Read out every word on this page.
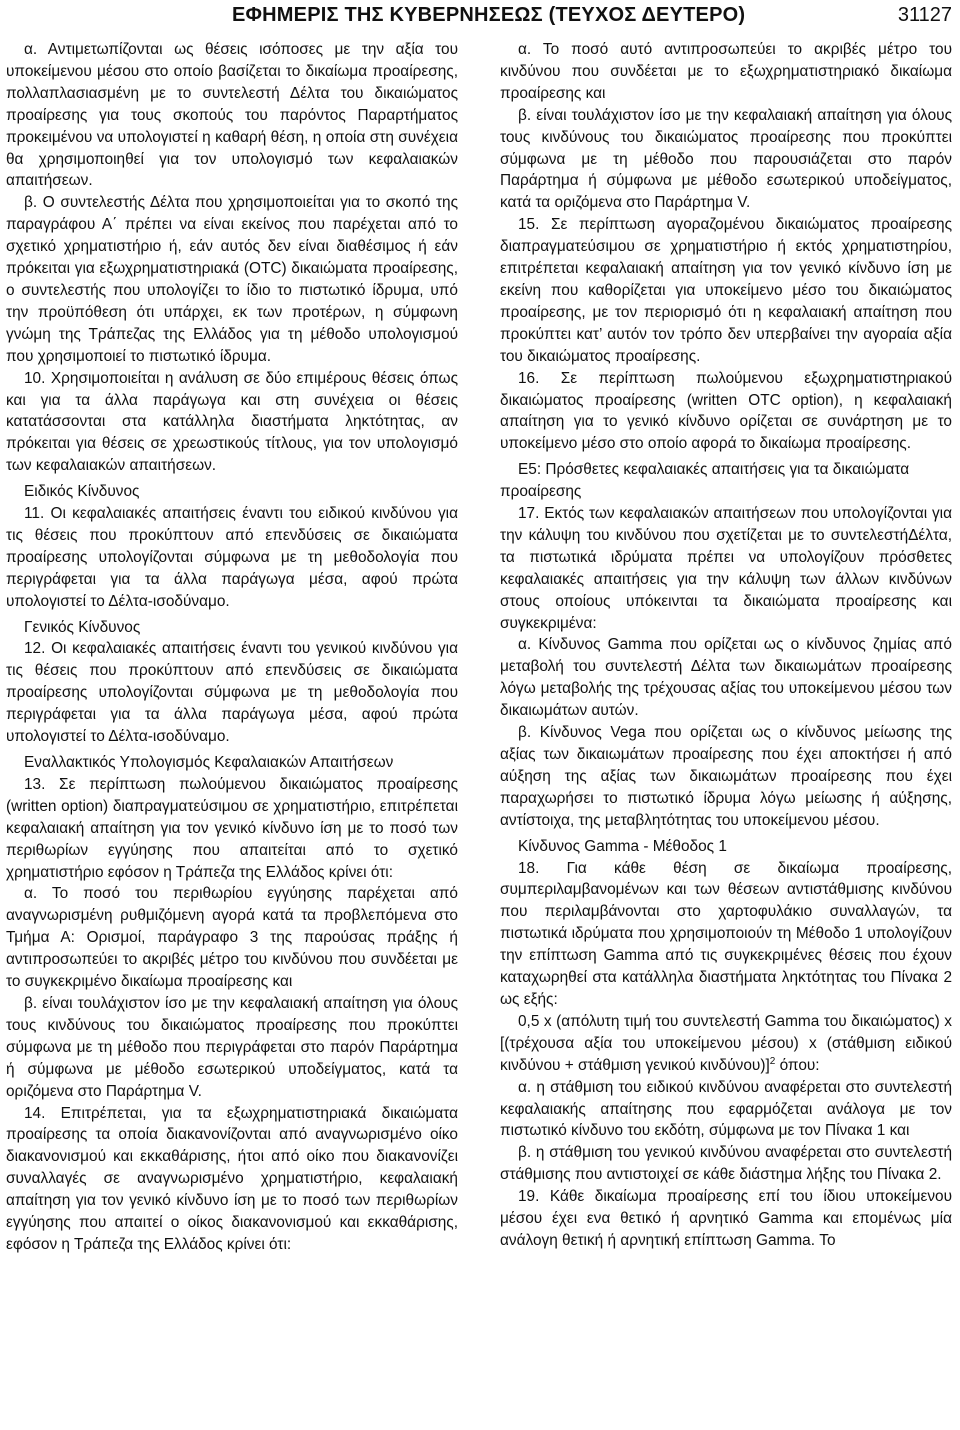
ΕΦΗΜΕΡΙΣ ΤΗΣ ΚΥΒΕΡΝΗΣΕΩΣ (ΤΕΥΧΟΣ ΔΕΥΤΕΡΟ)	31127

α. Αντιμετωπίζονται ως θέσεις ισόποσες με την αξία του υποκείμενου μέσου στο οποίο βασίζεται το δικαίωμα προαίρεσης, πολλαπλασιασμένη με το συντελεστή Δέλτα του δικαιώματος προαίρεσης για τους σκοπούς του παρόντος Παραρτήματος προκειμένου να υπολογιστεί η καθαρή θέση, η οποία στη συνέχεια θα χρησιμοποιηθεί για τον υπολογισμό των κεφαλαιακών απαιτήσεων.

β. Ο συντελεστής Δέλτα που χρησιμοποιείται για το σκοπό της παραγράφου Α΄ πρέπει να είναι εκείνος που παρέχεται από το σχετικό χρηματιστήριο ή, εάν αυτός δεν είναι διαθέσιμος ή εάν πρόκειται για εξωχρηματιστηριακά (OTC) δικαιώματα προαίρεσης, ο συντελεστής που υπολογίζει το ίδιο το πιστωτικό ίδρυμα, υπό την προϋπόθεση ότι υπάρχει, εκ των προτέρων, η σύμφωνη γνώμη της Τράπεζας της Ελλάδος για τη μέθοδο υπολογισμού που χρησιμοποιεί το πιστωτικό ίδρυμα.

10. Χρησιμοποιείται η ανάλυση σε δύο επιμέρους θέσεις όπως και για τα άλλα παράγωγα και στη συνέχεια οι θέσεις κατατάσσονται στα κατάλληλα διαστήματα ληκτότητας, αν πρόκειται για θέσεις σε χρεωστικούς τίτλους, για τον υπολογισμό των κεφαλαιακών απαιτήσεων.

Ειδικός Κίνδυνος

11. Οι κεφαλαιακές απαιτήσεις έναντι του ειδικού κινδύνου για τις θέσεις που προκύπτουν από επενδύσεις σε δικαιώματα προαίρεσης υπολογίζονται σύμφωνα με τη μεθοδολογία που περιγράφεται για τα άλλα παράγωγα μέσα, αφού πρώτα υπολογιστεί το Δέλτα-ισοδύναμο.

Γενικός Κίνδυνος

12. Οι κεφαλαιακές απαιτήσεις έναντι του γενικού κινδύνου για τις θέσεις που προκύπτουν από επενδύσεις σε δικαιώματα προαίρεσης υπολογίζονται σύμφωνα με τη μεθοδολογία που περιγράφεται για τα άλλα παράγωγα μέσα, αφού πρώτα υπολογιστεί το Δέλτα-ισοδύναμο.

Εναλλακτικός Υπολογισμός Κεφαλαιακών Απαιτήσεων

13. Σε περίπτωση πωλούμενου δικαιώματος προαίρεσης (written option) διαπραγματεύσιμου σε χρηματιστήριο, επιτρέπεται κεφαλαιακή απαίτηση για τον γενικό κίνδυνο ίση με το ποσό των περιθωρίων εγγύησης που απαιτείται από το σχετικό χρηματιστήριο εφόσον η Τράπεζα της Ελλάδος κρίνει ότι:

α. Το ποσό του περιθωρίου εγγύησης παρέχεται από αναγνωρισμένη ρυθμιζόμενη αγορά κατά τα προβλεπόμενα στο Τμήμα Α: Ορισμοί, παράγραφο 3 της παρούσας πράξης ή αντιπροσωπεύει το ακριβές μέτρο του κινδύνου που συνδέεται με το συγκεκριμένο δικαίωμα προαίρεσης και

β. είναι τουλάχιστον ίσο με την κεφαλαιακή απαίτηση για όλους τους κινδύνους του δικαιώματος προαίρεσης που προκύπτει σύμφωνα με τη μέθοδο που περιγράφεται στο παρόν Παράρτημα ή σύμφωνα με μέθοδο εσωτερικού υποδείγματος, κατά τα οριζόμενα στο Παράρτημα V.

14. Επιτρέπεται, για τα εξωχρηματιστηριακά δικαιώματα προαίρεσης τα οποία διακανονίζονται από αναγνωρισμένο οίκο διακανονισμού και εκκαθάρισης, ήτοι από οίκο που διακανονίζει συναλλαγές σε αναγνωρισμένο χρηματιστήριο, κεφαλαιακή απαίτηση για τον γενικό κίνδυνο ίση με το ποσό των περιθωρίων εγγύησης που απαιτεί ο οίκος διακανονισμού και εκκαθάρισης, εφόσον η Τράπεζα της Ελλάδος κρίνει ότι:

α. Το ποσό αυτό αντιπροσωπεύει το ακριβές μέτρο του κινδύνου που συνδέεται με το εξωχρηματιστηριακό δικαίωμα προαίρεσης και

β. είναι τουλάχιστον ίσο με την κεφαλαιακή απαίτηση για όλους τους κινδύνους του δικαιώματος προαίρεσης που προκύπτει σύμφωνα με τη μέθοδο που παρουσιάζεται στο παρόν Παράρτημα ή σύμφωνα με μέθοδο εσωτερικού υποδείγματος, κατά τα οριζόμενα στο Παράρτημα V.

15. Σε περίπτωση αγοραζομένου δικαιώματος προαίρεσης διαπραγματεύσιμου σε χρηματιστήριο ή εκτός χρηματιστηρίου, επιτρέπεται κεφαλαιακή απαίτηση για τον γενικό κίνδυνο ίση με εκείνη που καθορίζεται για υποκείμενο μέσο του δικαιώματος προαίρεσης, με τον περιορισμό ότι η κεφαλαιακή απαίτηση που προκύπτει κατ’ αυτόν τον τρόπο δεν υπερβαίνει την αγοραία αξία του δικαιώματος προαίρεσης.

16. Σε περίπτωση πωλούμενου εξωχρηματιστηριακού δικαιώματος προαίρεσης (written OTC option), η κεφαλαιακή απαίτηση για το γενικό κίνδυνο ορίζεται σε συνάρτηση με το υποκείμενο μέσο στο οποίο αφορά το δικαίωμα προαίρεσης.

Ε5: Πρόσθετες κεφαλαιακές απαιτήσεις για τα δικαιώματα προαίρεσης

17. Εκτός των κεφαλαιακών απαιτήσεων που υπολογίζονται για την κάλυψη του κινδύνου που σχετίζεται με το συντελεστήΔέλτα, τα πιστωτικά ιδρύματα πρέπει να υπολογίζουν πρόσθετες κεφαλαιακές απαιτήσεις για την κάλυψη των άλλων κινδύνων στους οποίους υπόκεινται τα δικαιώματα προαίρεσης και συγκεκριμένα:

α. Κίνδυνος Gamma που ορίζεται ως ο κίνδυνος ζημίας από μεταβολή του συντελεστή Δέλτα των δικαιωμάτων προαίρεσης λόγω μεταβολής της τρέχουσας αξίας του υποκείμενου μέσου των δικαιωμάτων αυτών.

β. Κίνδυνος Vega που ορίζεται ως ο κίνδυνος μείωσης της αξίας των δικαιωμάτων προαίρεσης που έχει αποκτήσει ή από αύξηση της αξίας των δικαιωμάτων προαίρεσης που έχει παραχωρήσει το πιστωτικό ίδρυμα λόγω μείωσης ή αύξησης, αντίστοιχα, της μεταβλητότητας του υποκείμενου μέσου.

Κίνδυνος Gamma - Μέθοδος 1

18. Για κάθε θέση σε δικαίωμα προαίρεσης, συμπεριλαμβανομένων και των θέσεων αντιστάθμισης κινδύνου που περιλαμβάνονται στο χαρτοφυλάκιο συναλλαγών, τα πιστωτικά ιδρύματα που χρησιμοποιούν τη Μέθοδο 1 υπολογίζουν την επίπτωση Gamma από τις συγκεκριμένες θέσεις που έχουν καταχωρηθεί στα κατάλληλα διαστήματα ληκτότητας του Πίνακα 2 ως εξής:

0,5 x (απόλυτη τιμή του συντελεστή Gamma του δικαιώματος) x [(τρέχουσα αξία του υποκείμενου μέσου) x (στάθμιση ειδικού κινδύνου + στάθμιση γενικού κινδύνου)]$^2$ όπου:

α. η στάθμιση του ειδικού κινδύνου αναφέρεται στο συντελεστή κεφαλαιακής απαίτησης που εφαρμόζεται ανάλογα με τον πιστωτικό κίνδυνο του εκδότη, σύμφωνα με τον Πίνακα 1 και

β. η στάθμιση του γενικού κινδύνου αναφέρεται στο συντελεστή στάθμισης που αντιστοιχεί σε κάθε διάστημα λήξης του Πίνακα 2.

19. Κάθε δικαίωμα προαίρεσης επί του ίδιου υποκείμενου μέσου έχει ενα θετικό ή αρνητικό Gamma και επομένως μία ανάλογη θετική ή αρνητική επίπτωση Gamma. Το
